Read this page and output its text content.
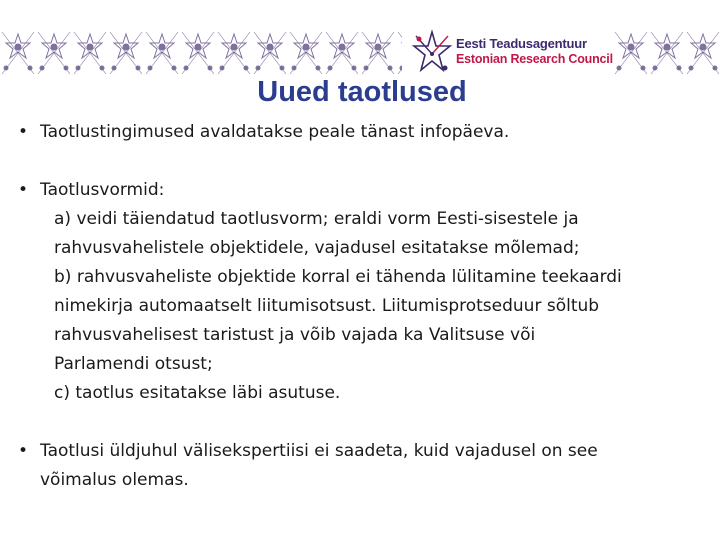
Eesti Teadusagentuur
Estonian Research Council
Uued taotlused
• Taotlustingimused avaldatakse peale tänast infopäeva.
• Taotlusvormid:
a) veidi täiendatud taotlusvorm; eraldi vorm Eesti-sisestele ja
rahvusvahelistele objektidele, vajadusel esitatakse mõlemad;
b) rahvusvaheliste objektide korral ei tähenda lülitamine teekaardi
nimekirja automaatselt liitumisotsust. Liitumisprotseduur sõltub
rahvusvahelisest taristust ja võib vajada ka Valitsuse või
Parlamendi otsust;
c) taotlus esitatakse läbi asutuse.
• Taotlusi üldjuhul välisekspertiisi ei saadeta, kuid vajadusel on see
võimalus olemas.
